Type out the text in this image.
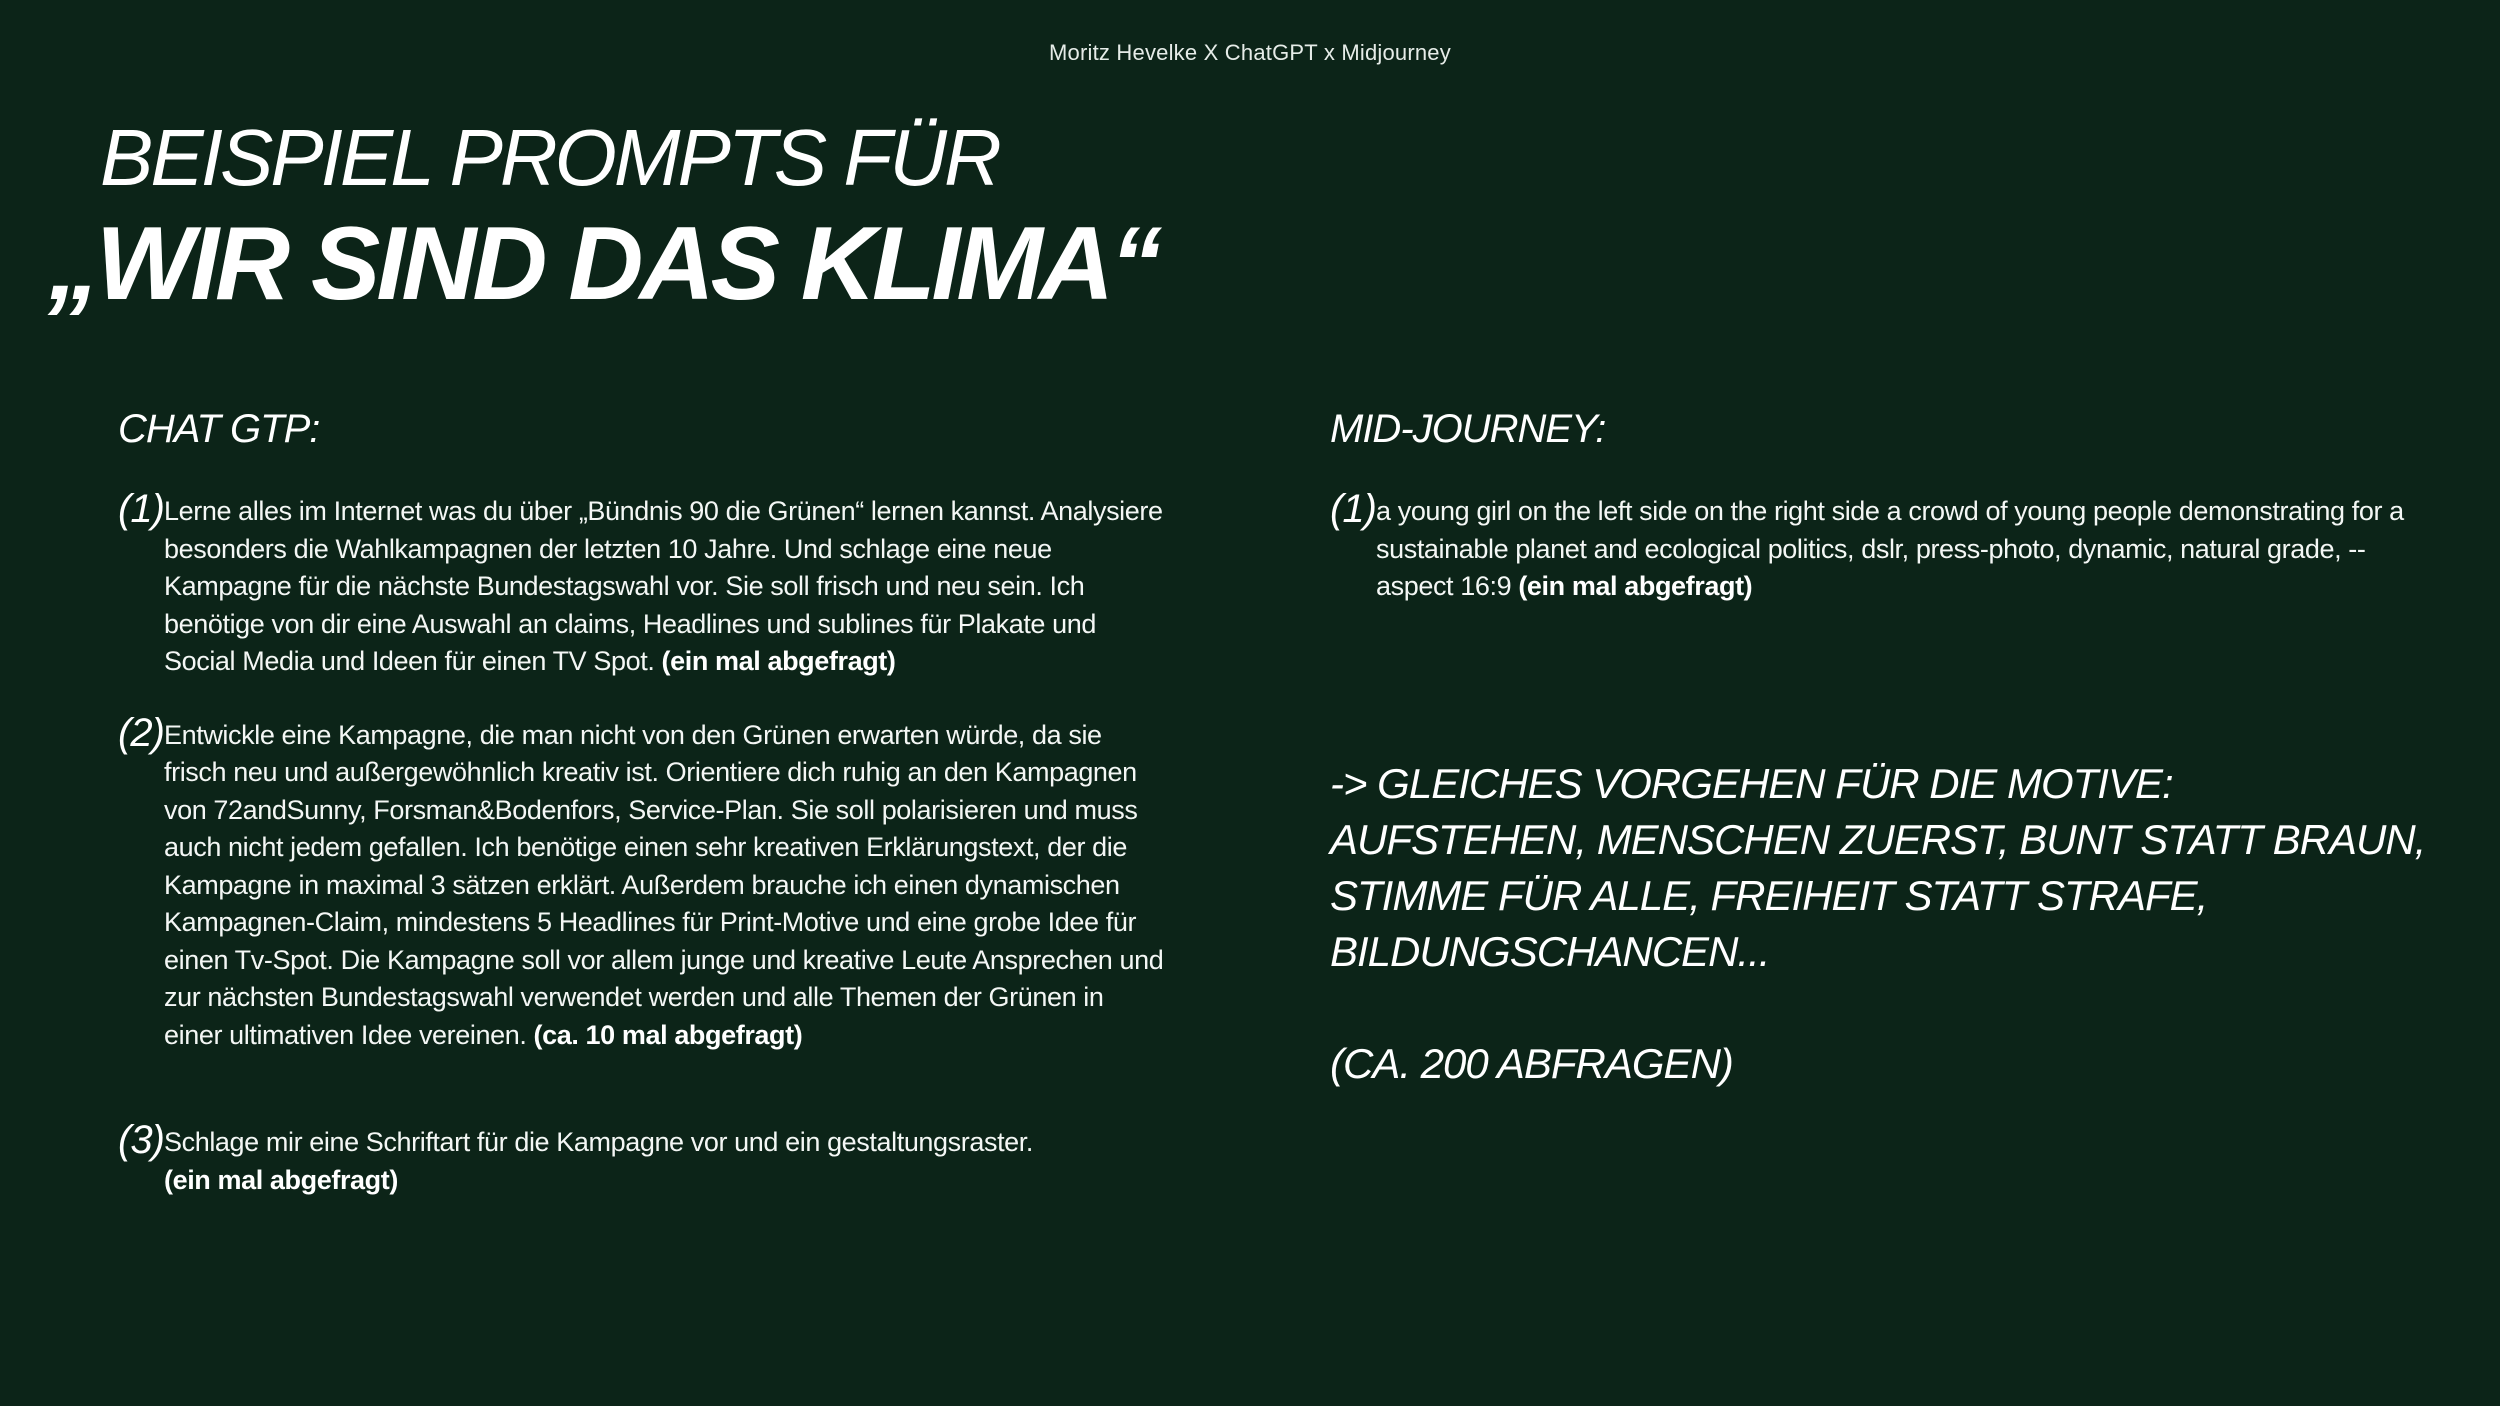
Moritz Hevelke X ChatGPT x Midjourney
BEISPIEL PROMPTS FÜR
„WIR SIND DAS KLIMA“
CHAT GTP:
(1) Lerne alles im Internet was du über „Bündnis 90 die Grünen“ lernen kannst. Analysiere besonders die Wahlkampagnen der letzten 10 Jahre. Und schlage eine neue Kampagne für die nächste Bundestagswahl vor. Sie soll frisch und neu sein. Ich benötige von dir eine Auswahl an claims, Headlines und sublines für Plakate und Social Media und Ideen für einen TV Spot. (ein mal abgefragt)
(2) Entwickle eine Kampagne, die man nicht von den Grünen erwarten würde, da sie frisch neu und außergewöhnlich kreativ ist. Orientiere dich ruhig an den Kampagnen von 72andSunny, Forsman&Bodenfors, Service-Plan. Sie soll polarisieren und muss auch nicht jedem gefallen. Ich benötige einen sehr kreativen Erklärungstext, der die Kampagne in maximal 3 sätzen erklärt. Außerdem brauche ich einen dynamischen Kampagnen-Claim, mindestens 5 Headlines für Print-Motive und eine grobe Idee für einen Tv-Spot. Die Kampagne soll vor allem junge und kreative Leute Ansprechen und zur nächsten Bundestagswahl verwendet werden und alle Themen der Grünen in einer ultimativen Idee vereinen. (ca. 10 mal abgefragt)
(3) Schlage mir eine Schriftart für die Kampagne vor und ein gestaltungsraster.
(ein mal abgefragt)
MID-JOURNEY:
(1) a young girl on the left side on the right side a crowd of young people demonstrating for a sustainable planet and ecological politics, dslr, press-photo, dynamic, natural grade, --aspect 16:9 (ein mal abgefragt)
-> GLEICHES VORGEHEN FÜR DIE MOTIVE:
AUFSTEHEN, MENSCHEN ZUERST, BUNT STATT BRAUN,
STIMME FÜR ALLE, FREIHEIT STATT STRAFE,
BILDUNGSCHANCEN...
(CA. 200 ABFRAGEN)
